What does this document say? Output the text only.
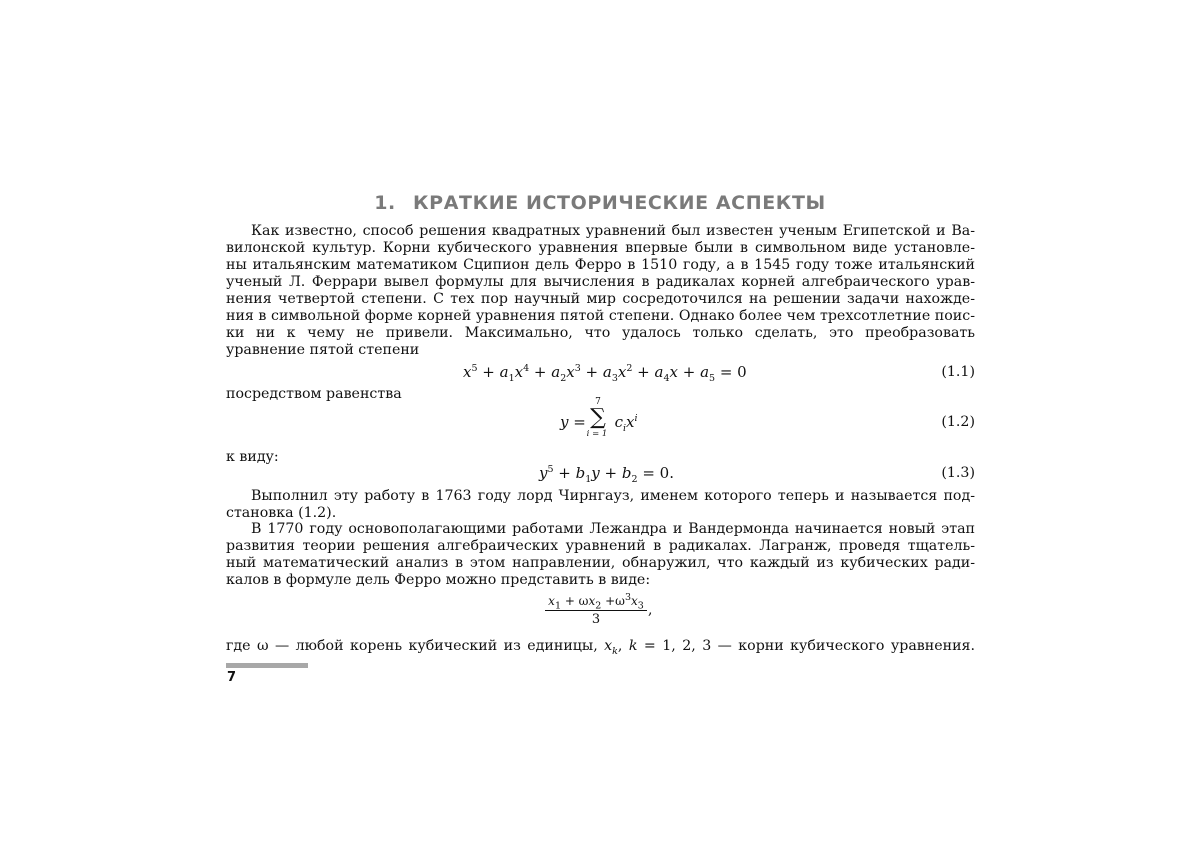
1. КРАТКИЕ ИСТОРИЧЕСКИЕ АСПЕКТЫ
Как известно, способ решения квадратных уравнений был известен ученым Египетской и Ва-
вилонской культур. Корни кубического уравнения впервые были в символьном виде установле-
ны итальянским математиком Сципион дель Ферро в 1510 году, а в 1545 году тоже итальянский
ученый Л. Феррари вывел формулы для вычисления в радикалах корней алгебраического урав-
нения четвертой степени. С тех пор научный мир сосредоточился на решении задачи нахожде-
ния в символьной форме корней уравнения пятой степени. Однако более чем трехсотлетние поис-
ки ни к чему не привели. Максимально, что удалось только сделать, это преобразовать
уравнение пятой степени
$x^5 + a_1x^4 + a_2x^3 + a_3x^2 + a_4x + a_5 = 0$	(1.1)
посредством равенства
$y = c_ix^i$
7
∑
i = 1
(1.2)
к виду:
$y^5 + b_1y + b_2 = 0$.	(1.3)
Выполнил эту работу в 1763 году лорд Чирнгауз, именем которого теперь и называется под-
становка (1.2).
В 1770 году основополагающими работами Лежандра и Вандермонда начинается новый этап
развития теории решения алгебраических уравнений в радикалах. Лагранж, проведя тщатель-
ный математический анализ в этом направлении, обнаружил, что каждый из кубических ради-
калов в формуле дель Ферро можно представить в виде:
$\frac{x_1 + \omega x_2 +\omega^3x_3}{3}$ ,
где ω — любой корень кубический из единицы, $x_k$, k = 1, 2, 3 — корни кубического уравнения.
7
